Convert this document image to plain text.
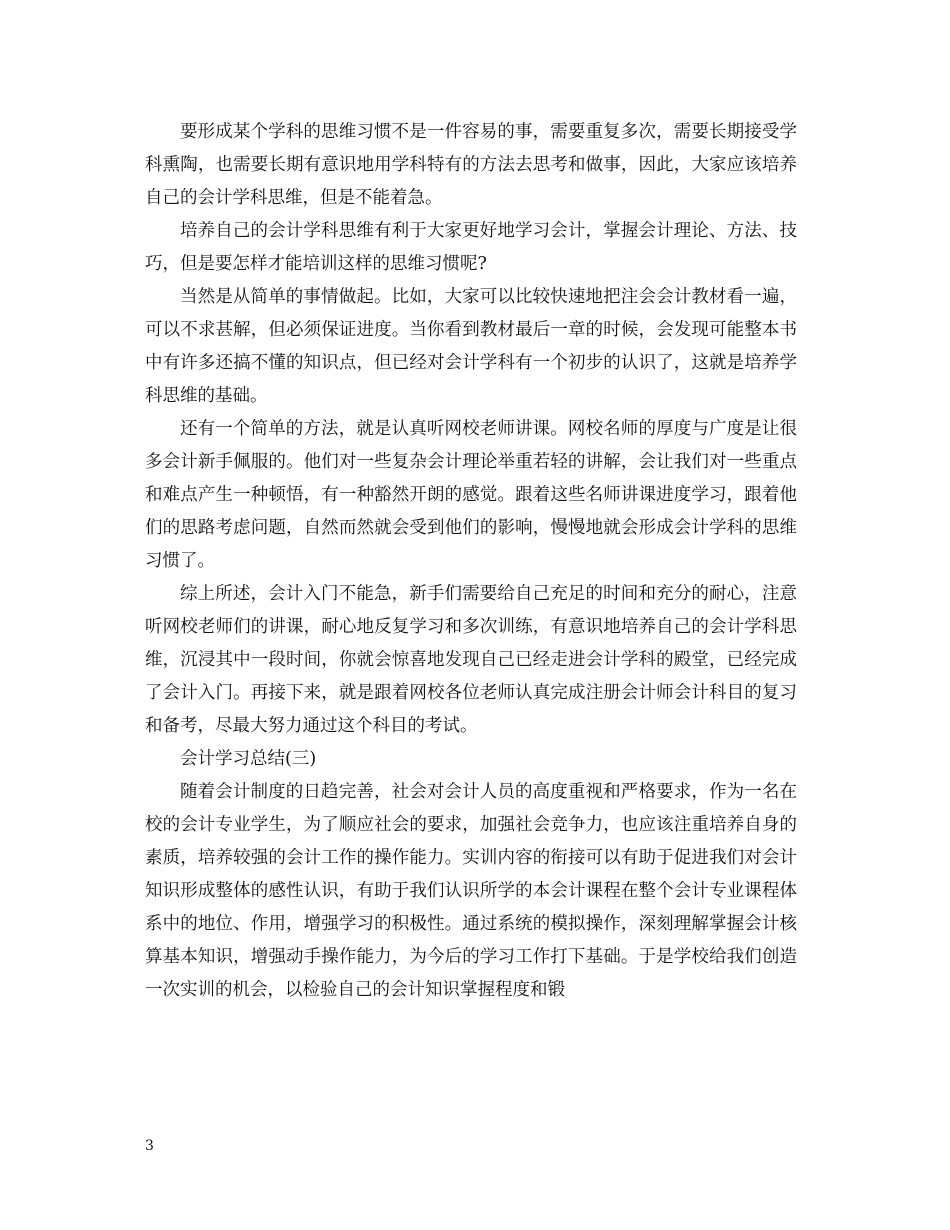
要形成某个学科的思维习惯不是一件容易的事，需要重复多次，需要长期接受学科熏陶，也需要长期有意识地用学科特有的方法去思考和做事，因此，大家应该培养自己的会计学科思维，但是不能着急。

培养自己的会计学科思维有利于大家更好地学习会计，掌握会计理论、方法、技巧，但是要怎样才能培训这样的思维习惯呢?

当然是从简单的事情做起。比如，大家可以比较快速地把注会会计教材看一遍，可以不求甚解，但必须保证进度。当你看到教材最后一章的时候，会发现可能整本书中有许多还搞不懂的知识点，但已经对会计学科有一个初步的认识了，这就是培养学科思维的基础。

还有一个简单的方法，就是认真听网校老师讲课。网校名师的厚度与广度是让很多会计新手佩服的。他们对一些复杂会计理论举重若轻的讲解，会让我们对一些重点和难点产生一种顿悟，有一种豁然开朗的感觉。跟着这些名师讲课进度学习，跟着他们的思路考虑问题，自然而然就会受到他们的影响，慢慢地就会形成会计学科的思维习惯了。

综上所述，会计入门不能急，新手们需要给自己充足的时间和充分的耐心，注意听网校老师们的讲课，耐心地反复学习和多次训练，有意识地培养自己的会计学科思维，沉浸其中一段时间，你就会惊喜地发现自己已经走进会计学科的殿堂，已经完成了会计入门。再接下来，就是跟着网校各位老师认真完成注册会计师会计科目的复习和备考，尽最大努力通过这个科目的考试。

会计学习总结(三)

随着会计制度的日趋完善，社会对会计人员的高度重视和严格要求，作为一名在校的会计专业学生，为了顺应社会的要求，加强社会竞争力，也应该注重培养自身的素质，培养较强的会计工作的操作能力。实训内容的衔接可以有助于促进我们对会计知识形成整体的感性认识，有助于我们认识所学的本会计课程在整个会计专业课程体系中的地位、作用，增强学习的积极性。通过系统的模拟操作，深刻理解掌握会计核算基本知识，增强动手操作能力，为今后的学习工作打下基础。于是学校给我们创造一次实训的机会，以检验自己的会计知识掌握程度和锻

3
